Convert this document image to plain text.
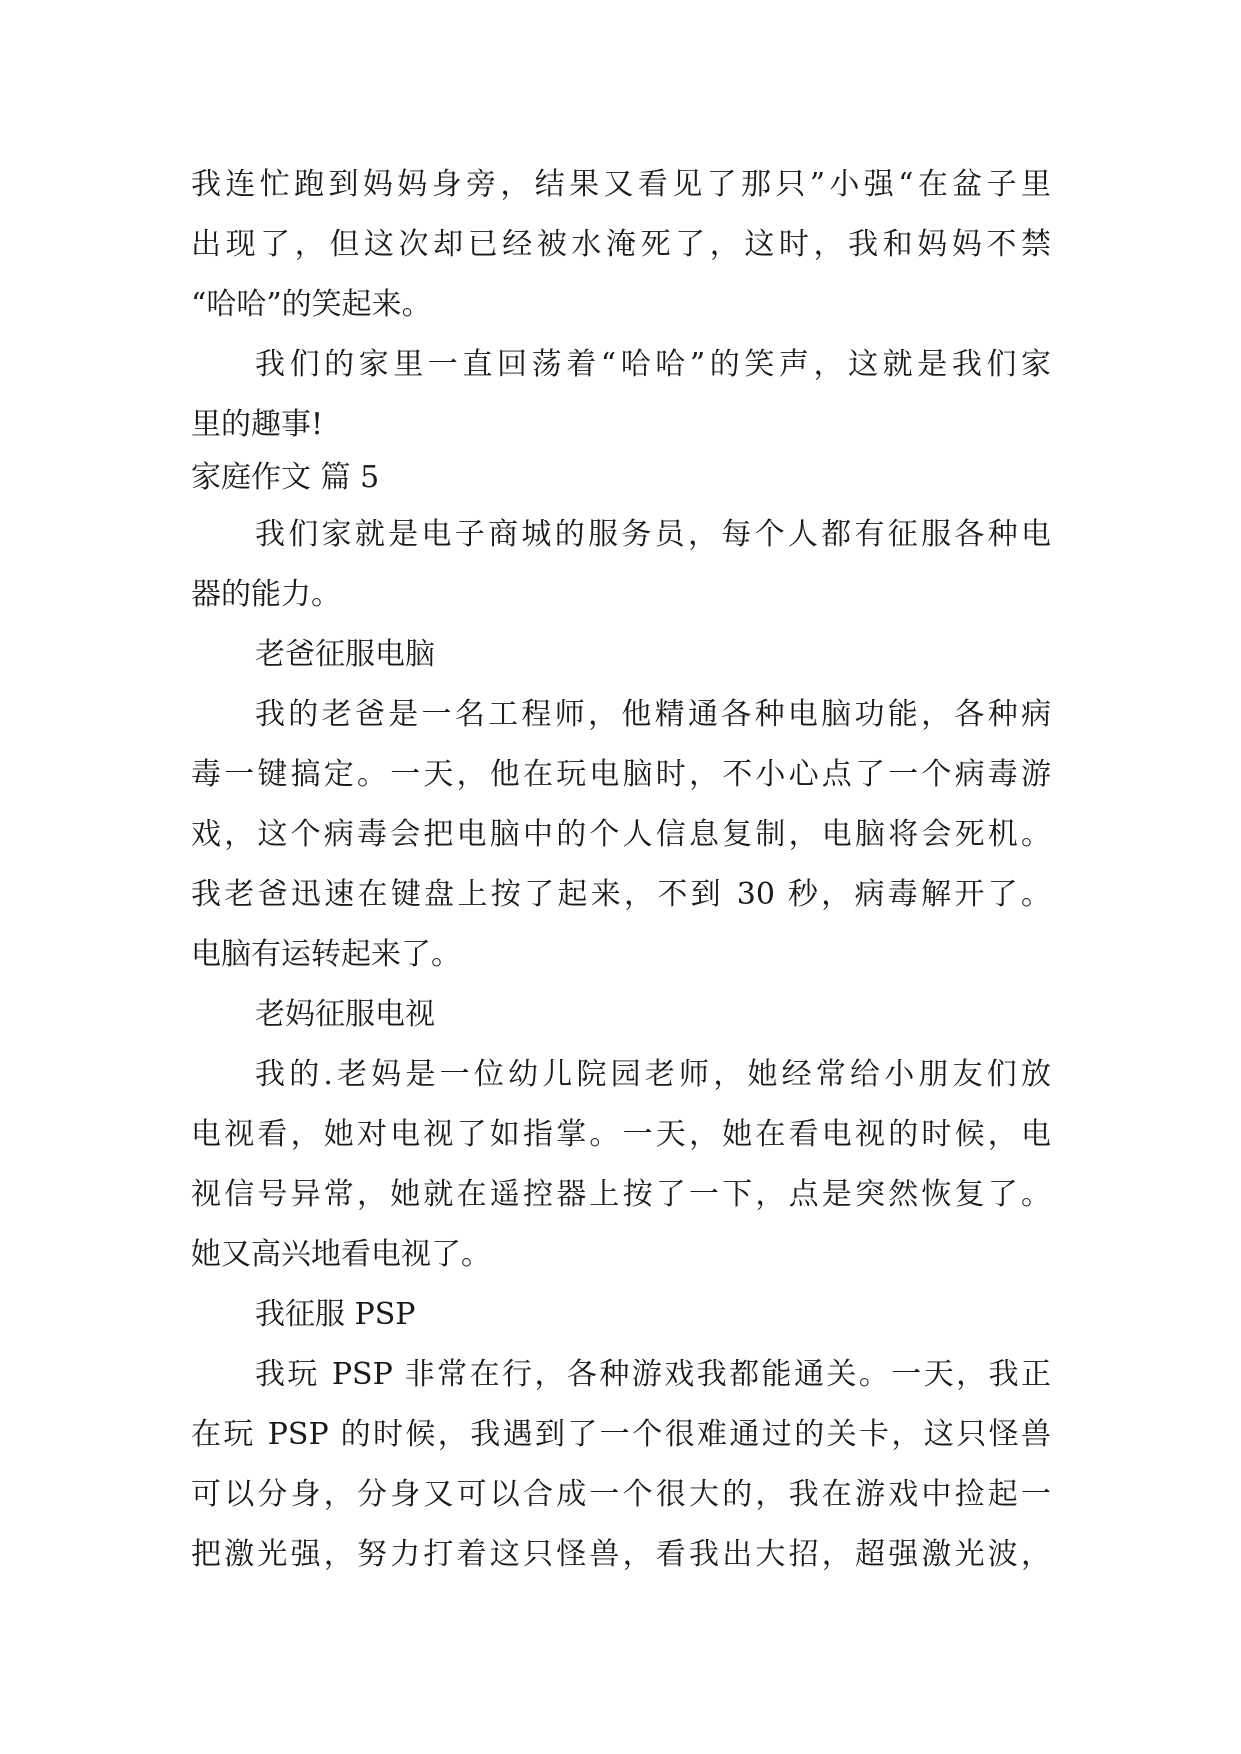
我连忙跑到妈妈身旁，结果又看见了那只”小强“在盆子里
出现了，但这次却已经被水淹死了，这时，我和妈妈不禁
“哈哈”的笑起来。
我们的家里一直回荡着“哈哈”的笑声，这就是我们家
里的趣事!
家庭作文 篇 5
我们家就是电子商城的服务员，每个人都有征服各种电
器的能力。
老爸征服电脑
我的老爸是一名工程师，他精通各种电脑功能，各种病
毒一键搞定。一天，他在玩电脑时，不小心点了一个病毒游
戏，这个病毒会把电脑中的个人信息复制，电脑将会死机。
我老爸迅速在键盘上按了起来，不到 30 秒，病毒解开了。
电脑有运转起来了。
老妈征服电视
我的.老妈是一位幼儿院园老师，她经常给小朋友们放
电视看，她对电视了如指掌。一天，她在看电视的时候，电
视信号异常，她就在遥控器上按了一下，点是突然恢复了。
她又高兴地看电视了。
我征服 PSP
我玩 PSP 非常在行，各种游戏我都能通关。一天，我正
在玩 PSP 的时候，我遇到了一个很难通过的关卡，这只怪兽
可以分身，分身又可以合成一个很大的，我在游戏中捡起一
把激光强，努力打着这只怪兽，看我出大招，超强激光波，
